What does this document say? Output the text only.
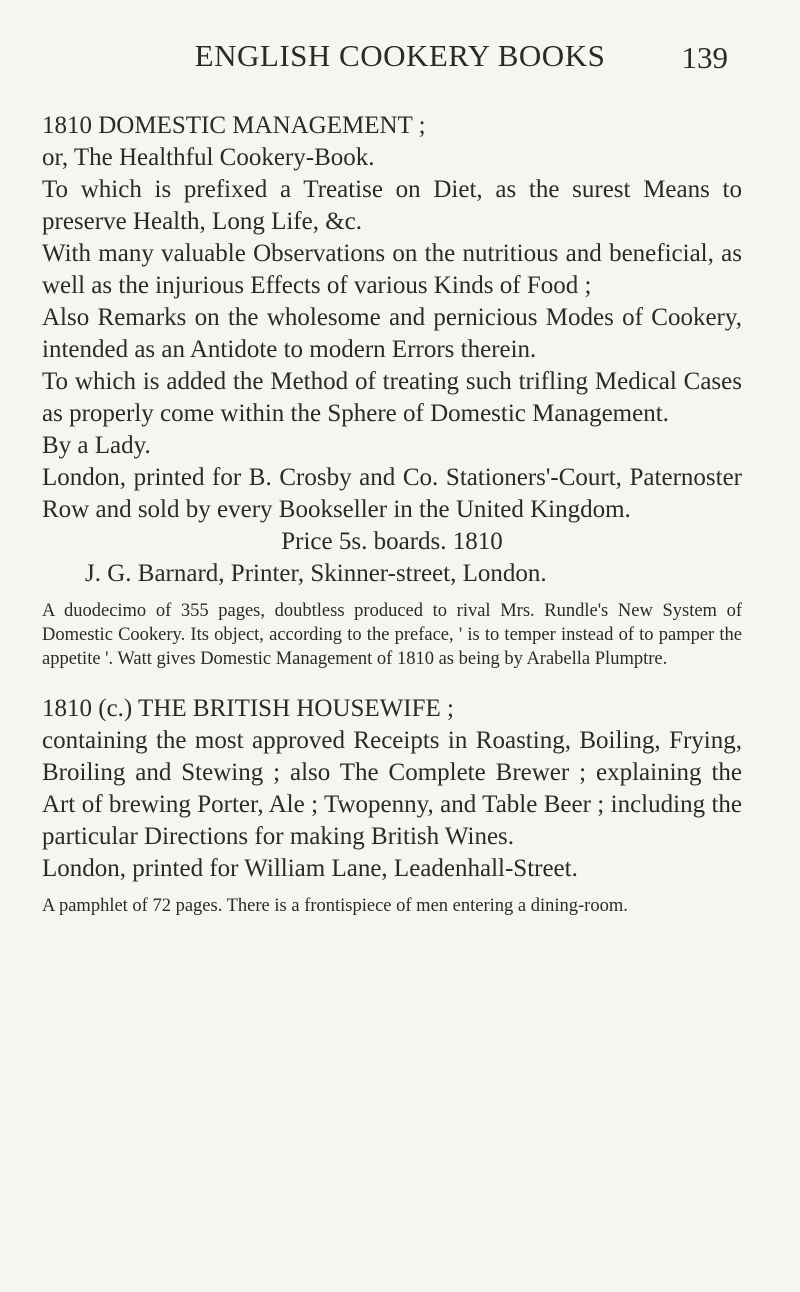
ENGLISH COOKERY BOOKS	139
1810 DOMESTIC MANAGEMENT ;
or, The Healthful Cookery-Book.
To which is prefixed a Treatise on Diet, as the surest Means to preserve Health, Long Life, &c.
With many valuable Observations on the nutritious and beneficial, as well as the injurious Effects of various Kinds of Food ;
Also Remarks on the wholesome and pernicious Modes of Cookery, intended as an Antidote to modern Errors therein.
To which is added the Method of treating such trifling Medical Cases as properly come within the Sphere of Domestic Management.
By a Lady.
London, printed for B. Crosby and Co. Stationers'-Court, Paternoster Row and sold by every Bookseller in the United Kingdom.
Price 5s. boards. 1810
J. G. Barnard, Printer, Skinner-street, London.
A duodecimo of 355 pages, doubtless produced to rival Mrs. Rundle's New System of Domestic Cookery. Its object, according to the preface, ' is to temper instead of to pamper the appetite '. Watt gives Domestic Management of 1810 as being by Arabella Plumptre.
1810 (c.) THE BRITISH HOUSEWIFE ;
containing the most approved Receipts in Roasting, Boiling, Frying, Broiling and Stewing ; also The Complete Brewer ; explaining the Art of brewing Porter, Ale ; Twopenny, and Table Beer ; including the particular Directions for making British Wines.
London, printed for William Lane, Leadenhall-Street.
A pamphlet of 72 pages. There is a frontispiece of men entering a dining-room.
